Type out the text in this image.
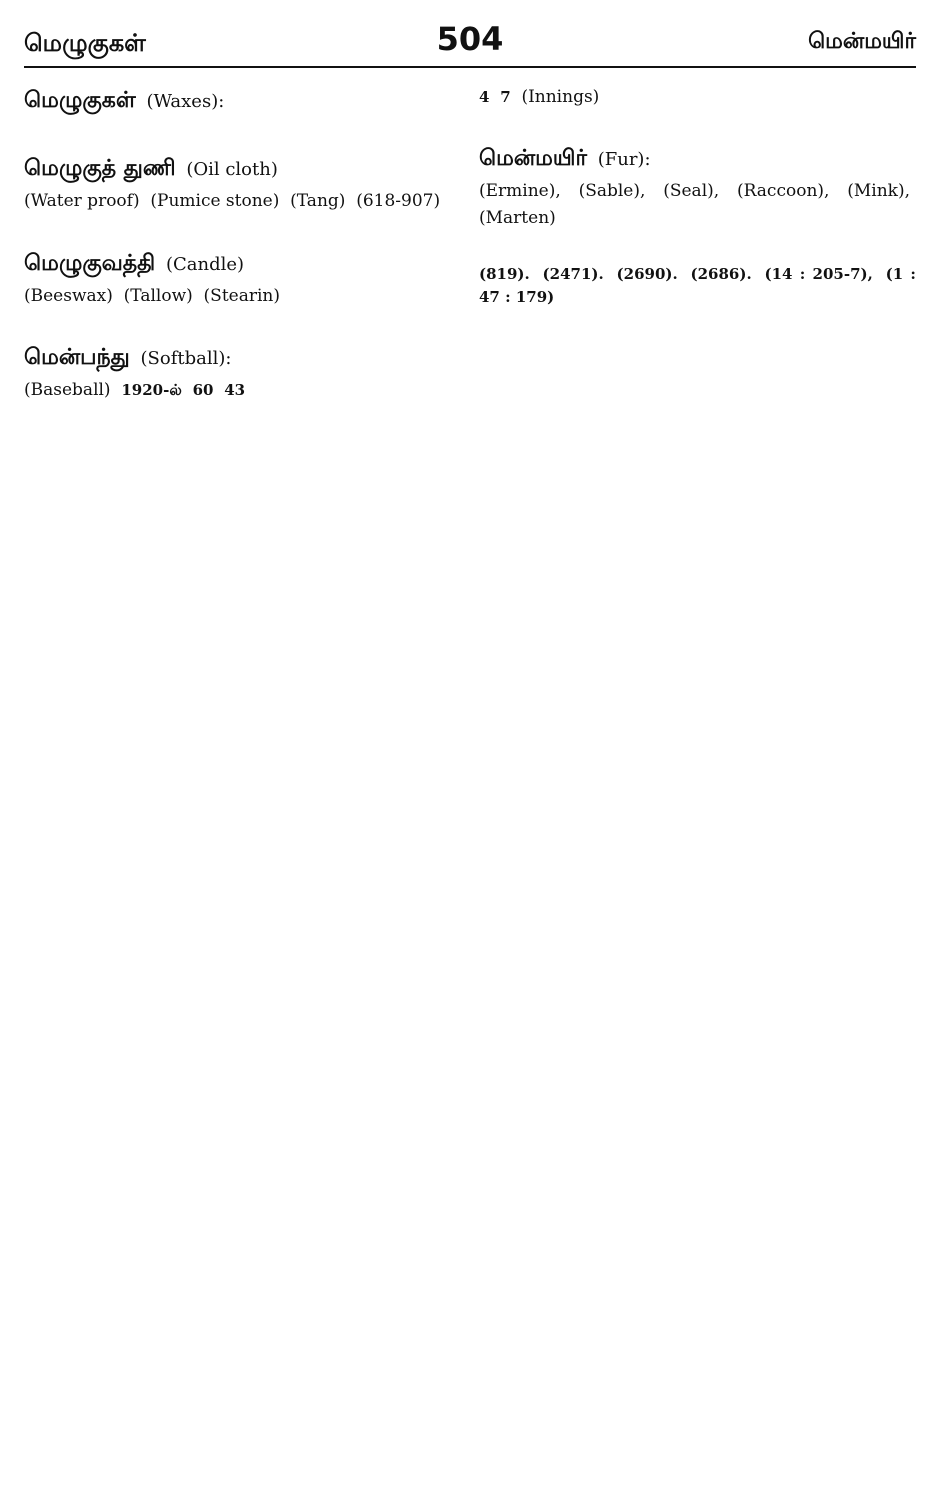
மெழுகுகள்	504	மென்மயிர்
மெழுகுகள் (Waxes):
மெழுகுத் துணி (Oil cloth)
(Water proof) (Pumice stone) (Tang) (618-907)
மெழுகுவத்தி (Candle)
(Beeswax) (Tallow) (Stearin)
மென்பந்து (Softball):
(Baseball) 1920-ல் 60 43
4 7 (Innings)
மென்மயிர் (Fur):
(Ermine), (Sable), (Seal), (Raccoon), (Mink), (Marten)
(819). (2471). (2690). (2686). (14 : 205-7), (1 : 47 : 179)
